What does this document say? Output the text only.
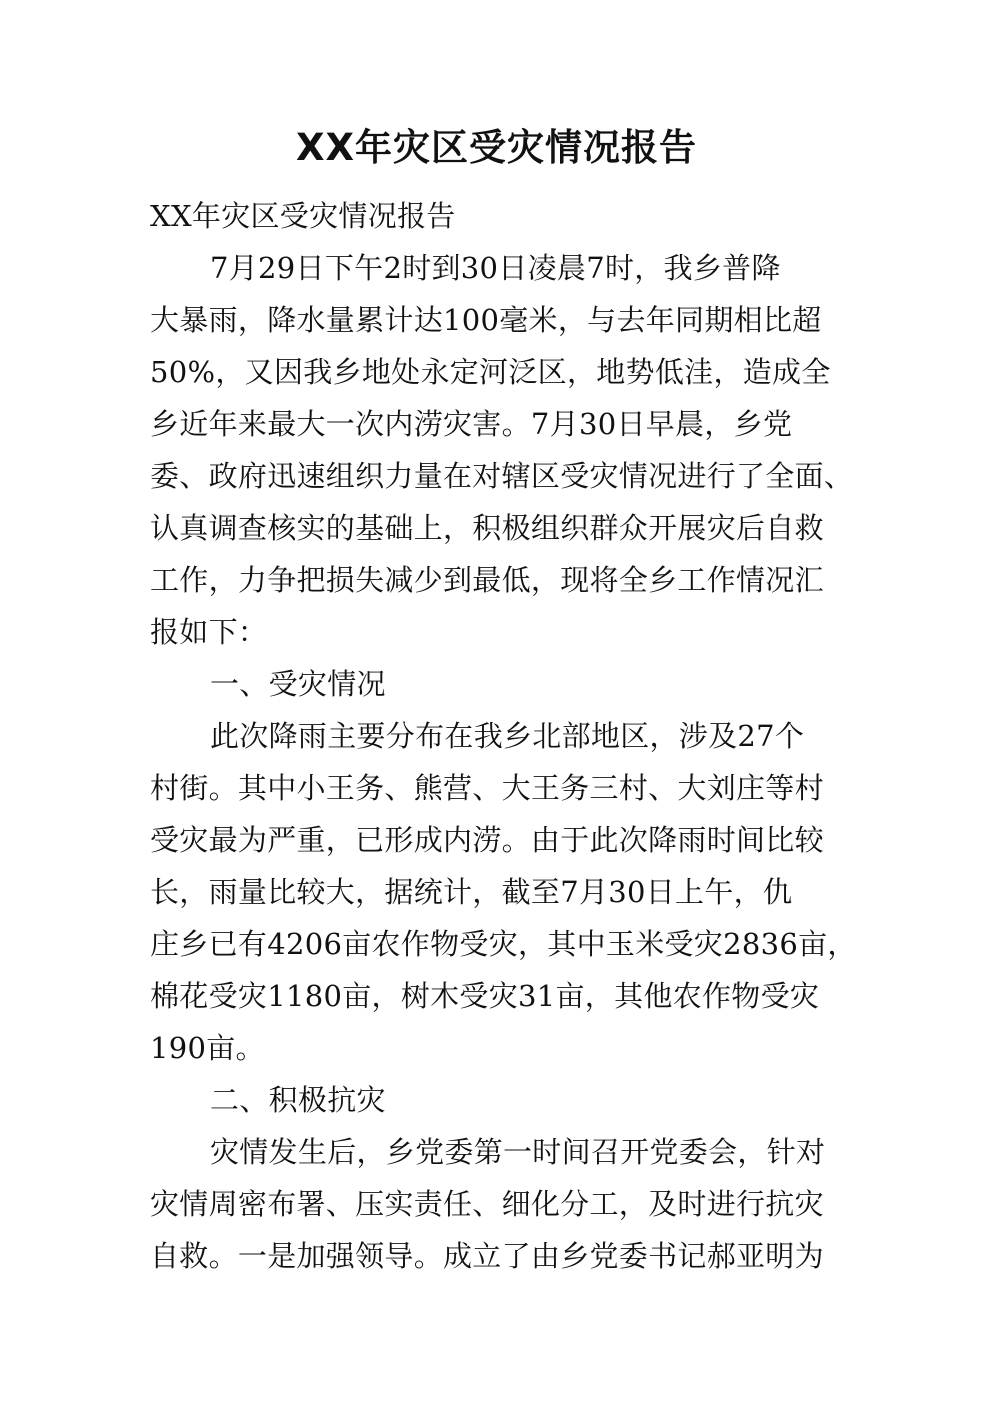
XX年灾区受灾情况报告

XX年灾区受灾情况报告

7月29日下午2时到30日凌晨7时，我乡普降

大暴雨，降水量累计达100毫米，与去年同期相比超

50%，又因我乡地处永定河泛区，地势低洼，造成全

乡近年来最大一次内涝灾害。7月30日早晨，乡党

委、政府迅速组织力量在对辖区受灾情况进行了全面、

认真调查核实的基础上，积极组织群众开展灾后自救

工作，力争把损失减少到最低，现将全乡工作情况汇

报如下：

一、受灾情况

此次降雨主要分布在我乡北部地区，涉及27个

村街。其中小王务、熊营、大王务三村、大刘庄等村

受灾最为严重，已形成内涝。由于此次降雨时间比较

长，雨量比较大，据统计，截至7月30日上午，仇

庄乡已有4206亩农作物受灾，其中玉米受灾2836亩，

棉花受灾1180亩，树木受灾31亩，其他农作物受灾

190亩。

二、积极抗灾

灾情发生后，乡党委第一时间召开党委会，针对

灾情周密布署、压实责任、细化分工，及时进行抗灾

自救。一是加强领导。成立了由乡党委书记郝亚明为
